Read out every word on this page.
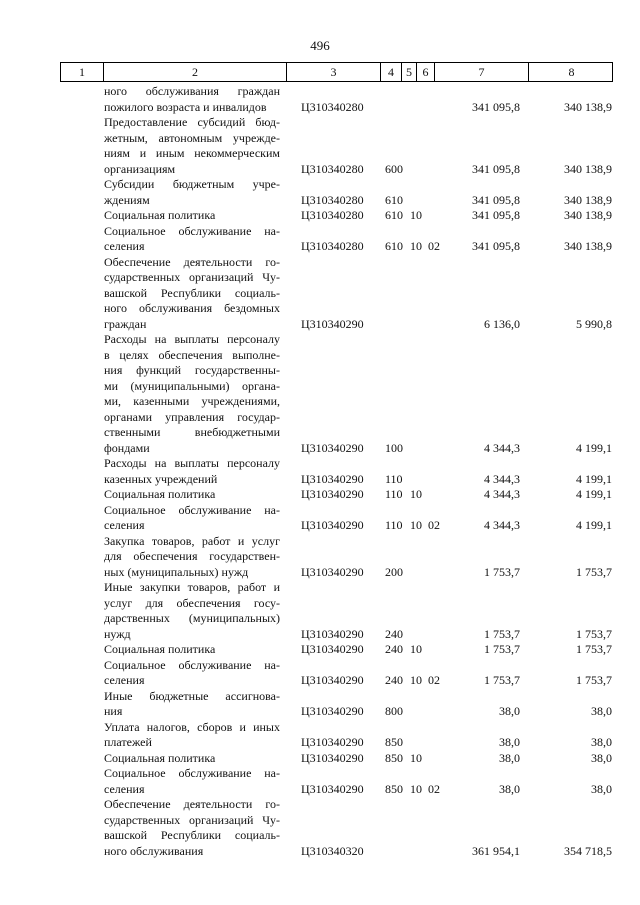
496
1	2	3	4	5 6	7	8
ного обслуживания граждан
пожилого возраста и инвалидов	Ц310340280	341 095,8	340 138,9
Предоставление субсидий бюд-
жетным, автономным учрежде-
ниям и иным некоммерческим
организациям	Ц310340280 600	341 095,8	340 138,9
Субсидии бюджетным учре-
ждениям	Ц310340280 610	341 095,8	340 138,9
Социальная политика	Ц310340280 610 10	341 095,8	340 138,9
Социальное обслуживание на-
селения	Ц310340280 610 10 02	341 095,8	340 138,9
Обеспечение деятельности го-
сударственных организаций Чу-
вашской Республики социаль-
ного обслуживания бездомных
граждан	Ц310340290	6 136,0	5 990,8
Расходы на выплаты персоналу
в целях обеспечения выполне-
ния функций государственны-
ми (муниципальными) органа-
ми, казенными учреждениями,
органами управления государ-
ственными внебюджетными
фондами	Ц310340290 100	4 344,3	4 199,1
Расходы на выплаты персоналу
казенных учреждений	Ц310340290 110	4 344,3	4 199,1
Социальная политика	Ц310340290 110 10	4 344,3	4 199,1
Социальное обслуживание на-
селения	Ц310340290 110 10 02	4 344,3	4 199,1
Закупка товаров, работ и услуг
для обеспечения государствен-
ных (муниципальных) нужд	Ц310340290 200	1 753,7	1 753,7
Иные закупки товаров, работ и
услуг для обеспечения госу-
дарственных (муниципальных)
нужд	Ц310340290 240	1 753,7	1 753,7
Социальная политика	Ц310340290 240 10	1 753,7	1 753,7
Социальное обслуживание на-
селения	Ц310340290 240 10 02	1 753,7	1 753,7
Иные бюджетные ассигнова-
ния	Ц310340290 800	38,0	38,0
Уплата налогов, сборов и иных
платежей	Ц310340290 850	38,0	38,0
Социальная политика	Ц310340290 850 10	38,0	38,0
Социальное обслуживание на-
селения	Ц310340290 850 10 02	38,0	38,0
Обеспечение деятельности го-
сударственных организаций Чу-
вашской Республики социаль-
ного обслуживания	Ц310340320	361 954,1	354 718,5
